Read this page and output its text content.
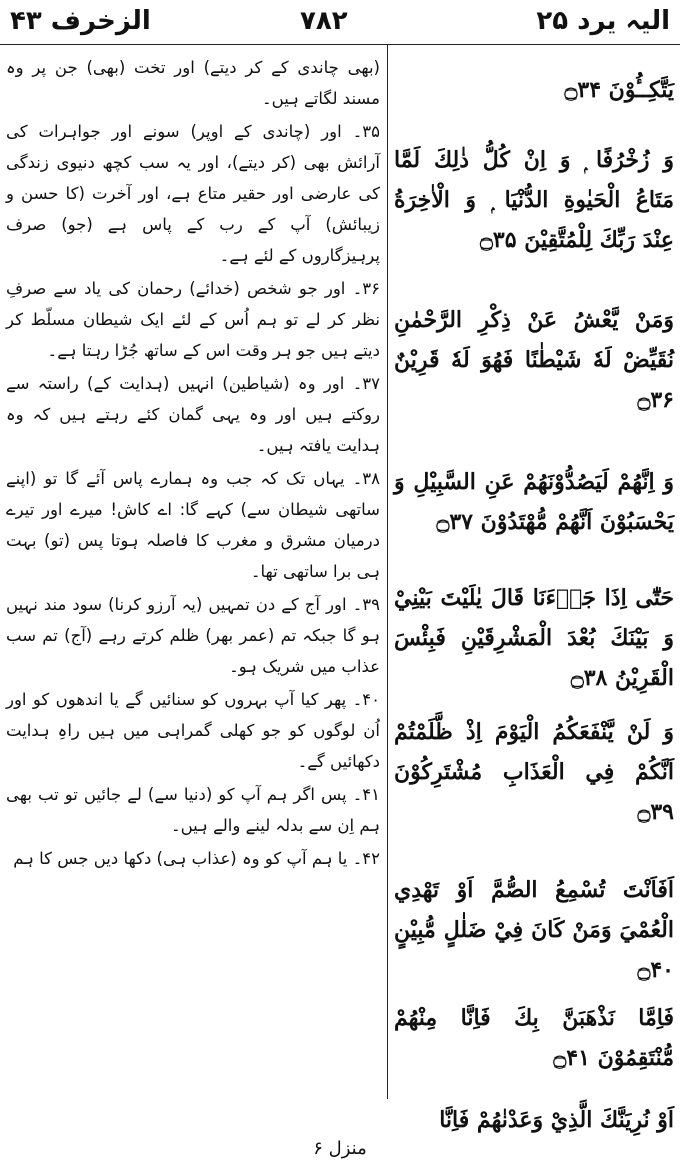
الزخرف ۴۳	۷۸۲	الیہ یرد ۲۵

(بھی چاندی کے کر دیتے) اور تخت (بھی) جن پر وہ مسند لگاتے ہیں۔

۳۵۔ اور (چاندی کے اوپر) سونے اور جواہرات کی آرائش بھی (کر دیتے)، اور یہ سب کچھ دنیوی زندگی کی عارضی اور حقیر متاع ہے، اور آخرت (کا حسن و زیبائش) آپ کے رب کے پاس ہے (جو) صرف پرہیزگاروں کے لئے ہے۔

۳۶۔ اور جو شخص (خدائے) رحمان کی یاد سے صرفِ نظر کر لے تو ہم اُس کے لئے ایک شیطان مسلّط کر دیتے ہیں جو ہر وقت اس کے ساتھ جُڑا رہتا ہے۔

۳۷۔ اور وہ (شیاطین) انہیں (ہدایت کے) راستہ سے روکتے ہیں اور وہ یہی گمان کئے رہتے ہیں کہ وہ ہدایت یافتہ ہیں۔

۳۸۔ یہاں تک کہ جب وہ ہمارے پاس آئے گا تو (اپنے ساتھی شیطان سے) کہے گا: اے کاش! میرے اور تیرے درمیان مشرق و مغرب کا فاصلہ ہوتا پس (تو) بہت ہی برا ساتھی تھا۔

۳۹۔ اور آج کے دن تمہیں (یہ آرزو کرنا) سود مند نہیں ہو گا جبکہ تم (عمر بھر) ظلم کرتے رہے (آج) تم سب عذاب میں شریک ہو۔

۴۰۔ پھر کیا آپ بہروں کو سنائیں گے یا اندھوں کو اور اُن لوگوں کو جو کھلی گمراہی میں ہیں راہِ ہدایت دکھائیں گے۔

۴۱۔ پس اگر ہم آپ کو (دنیا سے) لے جائیں تو تب بھی ہم اِن سے بدلہ لینے والے ہیں۔

۴۲۔ یا ہم آپ کو وہ (عذاب ہی) دکھا دیں جس کا ہم

يَتَّكِــُٔوْنَ ۝۳۴

وَ زُخْرُفًا ۭ وَ اِنْ كُلُّ ذٰلِكَ لَمَّا مَتَاعُ الْحَيٰوةِ الدُّنْيَا ۭ وَ الْاٰخِرَةُ عِنْدَ رَبِّكَ لِلْمُتَّقِيْنَ ۝۳۵

وَمَنْ يَّعْشُ عَنْ ذِكْرِ الرَّحْمٰنِ نُقَيِّضْ لَهٗ شَيْطٰنًا فَهُوَ لَهٗ قَرِيْنٌ ۝۳۶

وَ اِنَّهُمْ لَيَصُدُّوْنَهُمْ عَنِ السَّبِيْلِ وَ يَحْسَبُوْنَ اَنَّهُمْ مُّهْتَدُوْنَ ۝۳۷

حَتّٰٓى اِذَا جَاۗءَنَا قَالَ يٰلَيْتَ بَيْنِيْ وَ بَيْنَكَ بُعْدَ الْمَشْرِقَيْنِ فَبِئْسَ الْقَرِيْنُ ۝۳۸

وَ لَنْ يَّنْفَعَكُمُ الْيَوْمَ اِذْ ظَّلَمْتُمْ اَنَّكُمْ فِي الْعَذَابِ مُشْتَرِكُوْنَ ۝۳۹

اَفَاَنْتَ تُسْمِعُ الصُّمَّ اَوْ تَهْدِي الْعُمْيَ وَمَنْ كَانَ فِيْ ضَلٰلٍ مُّبِيْنٍ ۝۴۰

فَاِمَّا نَذْهَبَنَّ بِكَ فَاِنَّا مِنْهُمْ مُّنْتَقِمُوْنَ ۝۴۱

اَوْ نُرِيَنَّكَ الَّذِيْ وَعَدْنٰهُمْ فَاِنَّا

منزل ۶
